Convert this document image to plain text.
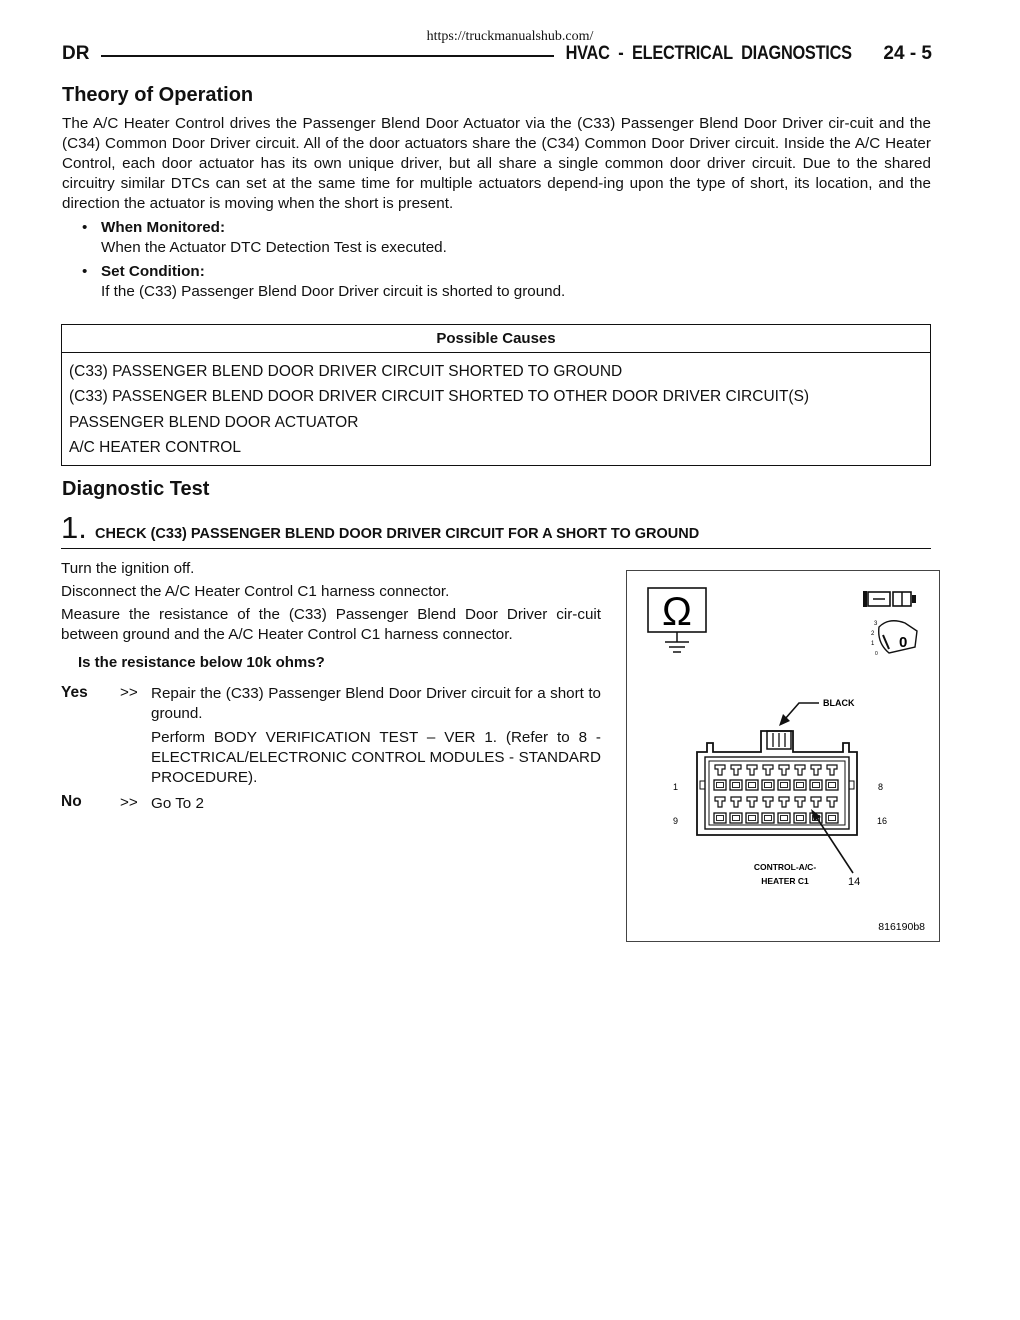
https://truckmanualshub.com/
DR	HVAC  -  ELECTRICAL  DIAGNOSTICS 24 - 5
Theory of Operation

The A/C Heater Control drives the Passenger Blend Door Actuator via the (C33) Passenger Blend Door Driver cir-cuit and the (C34) Common Door Driver circuit. All of the door actuators share the (C34) Common Door Driver circuit. Inside the A/C Heater Control, each door actuator has its own unique driver, but all share a single common door driver circuit. Due to the shared circuitry similar DTCs can set at the same time for multiple actuators depend-ing upon the type of short, its location, and the direction the actuator is moving when the short is present.

• When Monitored:
When the Actuator DTC Detection Test is executed.
• Set Condition:
If the (C33) Passenger Blend Door Driver circuit is shorted to ground.
Possible Causes
(C33) PASSENGER BLEND DOOR DRIVER CIRCUIT SHORTED TO GROUND
(C33) PASSENGER BLEND DOOR DRIVER CIRCUIT SHORTED TO OTHER DOOR DRIVER CIRCUIT(S)
PASSENGER BLEND DOOR ACTUATOR
A/C HEATER CONTROL
Diagnostic Test
1. CHECK (C33) PASSENGER BLEND DOOR DRIVER CIRCUIT FOR A SHORT TO GROUND
Turn the ignition off.
Disconnect the A/C Heater Control C1 harness connector.
Measure the resistance of the (C33) Passenger Blend Door Driver cir-cuit between ground and the A/C Heater Control C1 harness connector.
Is the resistance below 10k ohms?
Yes >> Repair the (C33) Passenger Blend Door Driver circuit for a short to ground.
Perform BODY VERIFICATION TEST – VER 1. (Refer to 8 - ELECTRICAL/ELECTRONIC CONTROL MODULES - STANDARD PROCEDURE).
No	>> Go To 2
Ω	3
2
1
0
0
BLACK
1	8
9	16
14
CONTROL-A/C-
HEATER C1
816190b8
